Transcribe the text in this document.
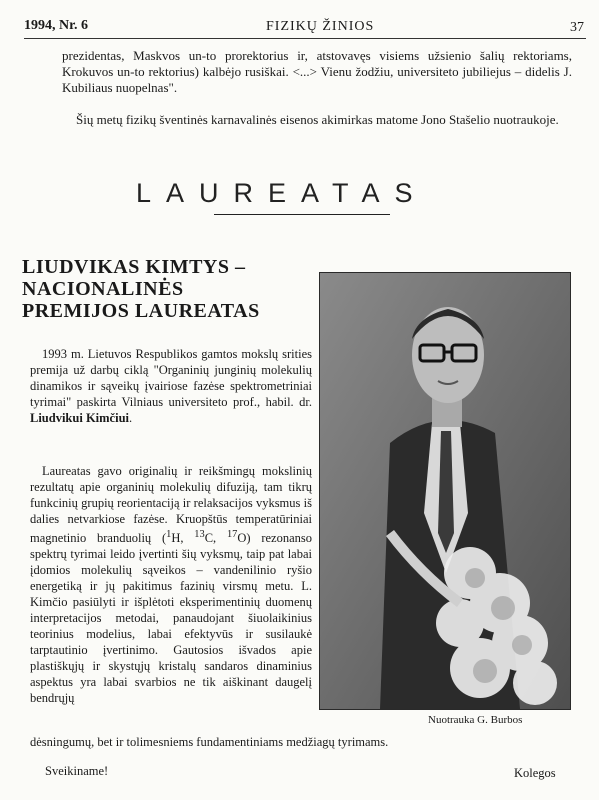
1994, Nr. 6	FIZIKŲ ŽINIOS	37
prezidentas, Maskvos un-to prorektorius ir, atstovavęs visiems užsienio šalių rektoriams, Krokuvos un-to rektorius) kalbėjo rusiškai. <...> Vienu žodžiu, universiteto jubiliejus – didelis J. Kubiliaus nuopelnas".
Šių metų fizikų šventinės karnavalinės eisenos akimirkas matome Jono Stašelio nuotraukoje.
LAUREATAS
LIUDVIKAS KIMTYS –
NACIONALINĖS
PREMIJOS LAUREATAS
1993 m. Lietuvos Respublikos gamtos mokslų srities premija už darbų ciklą "Organinių junginių molekulių dinamikos ir sąveikų įvairiose fazėse spektrometriniai tyrimai" paskirta Vilniaus universiteto prof., habil. dr. Liudvikui Kimčiui.
Laureatas gavo originalių ir reikšmingų mokslinių rezultatų apie organinių molekulių difuziją, tam tikrų funkcinių grupių reorientaciją ir relaksacijos vyksmus iš dalies netvarkiose fazėse. Kruopštūs temperatūriniai magnetinio branduolių ($^1$H, $^{13}$C, $^{17}$O) rezonanso spektrų tyrimai leido įvertinti šių vyksmų, taip pat labai įdomios molekulių sąveikos – vandenilinio ryšio energetiką ir jų pakitimus fazinių virsmų metu. L. Kimčio pasiūlyti ir išplėtoti eksperimentinių duomenų interpretacijos metodai, panaudojant šiuolaikinius teorinius modelius, labai efektyvūs ir susilaukė tarptautinio įvertinimo. Gautosios išvados apie plastiškųjų ir skystųjų kristalų sandaros dinaminius aspektus yra labai svarbios ne tik aiškinant daugelį bendrųjų
Nuotrauka G. Burbos
dėsningumų, bet ir tolimesniems fundamentiniams medžiagų tyrimams.
Sveikiname!	Kolegos
